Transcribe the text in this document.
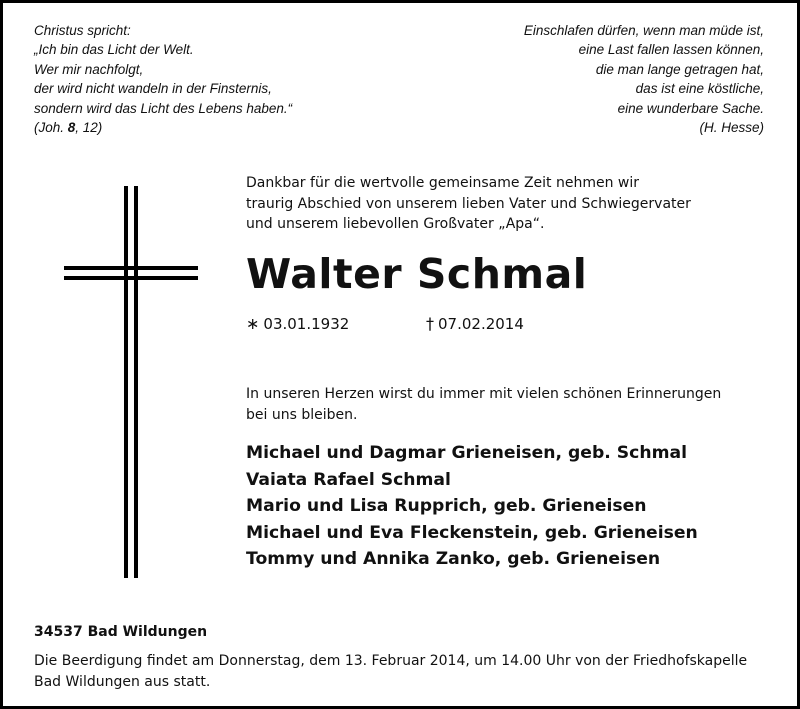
Christus spricht:
„Ich bin das Licht der Welt.
Wer mir nachfolgt,
der wird nicht wandeln in der Finsternis,
sondern wird das Licht des Lebens haben.“
(Joh. 8, 12)
Einschlafen dürfen, wenn man müde ist,
eine Last fallen lassen können,
die man lange getragen hat,
das ist eine köstliche,
eine wunderbare Sache.
(H. Hesse)
Dankbar für die wertvolle gemeinsame Zeit nehmen wir
traurig Abschied von unserem lieben Vater und Schwiegervater
und unserem liebevollen Großvater „Apa“.
Walter Schmal
∗ 03.01.1932	† 07.02.2014
In unseren Herzen wirst du immer mit vielen schönen Erinnerungen
bei uns bleiben.
Michael und Dagmar Grieneisen, geb. Schmal
Vaiata Rafael Schmal
Mario und Lisa Rupprich, geb. Grieneisen
Michael und Eva Fleckenstein, geb. Grieneisen
Tommy und Annika Zanko, geb. Grieneisen
34537 Bad Wildungen
Die Beerdigung findet am Donnerstag, dem 13. Februar 2014, um 14.00 Uhr von der Friedhofskapelle
Bad Wildungen aus statt.
